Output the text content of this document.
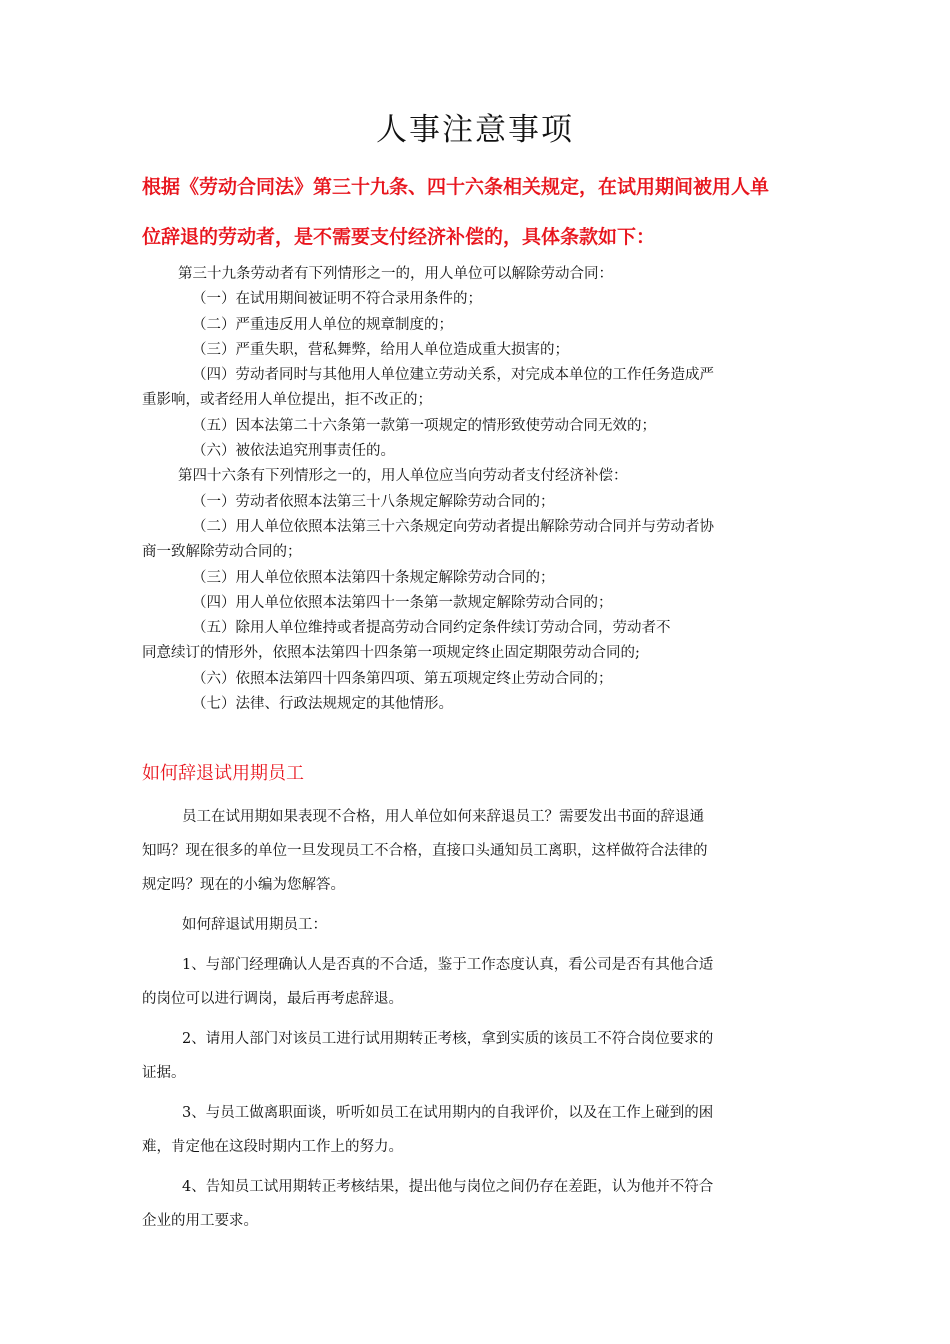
人事注意事项
根据《劳动合同法》第三十九条、四十六条相关规定，在试用期间被用人单
位辞退的劳动者，是不需要支付经济补偿的，具体条款如下：
第三十九条劳动者有下列情形之一的，用人单位可以解除劳动合同：
（一）在试用期间被证明不符合录用条件的；
（二）严重违反用人单位的规章制度的；
（三）严重失职，营私舞弊，给用人单位造成重大损害的；
（四）劳动者同时与其他用人单位建立劳动关系，对完成本单位的工作任务造成严
重影响，或者经用人单位提出，拒不改正的；
（五）因本法第二十六条第一款第一项规定的情形致使劳动合同无效的；
（六）被依法追究刑事责任的。
第四十六条有下列情形之一的，用人单位应当向劳动者支付经济补偿：
（一）劳动者依照本法第三十八条规定解除劳动合同的；
（二）用人单位依照本法第三十六条规定向劳动者提出解除劳动合同并与劳动者协
商一致解除劳动合同的；
（三）用人单位依照本法第四十条规定解除劳动合同的；
（四）用人单位依照本法第四十一条第一款规定解除劳动合同的；
（五）除用人单位维持或者提高劳动合同约定条件续订劳动合同，劳动者不
同意续订的情形外，依照本法第四十四条第一项规定终止固定期限劳动合同的;
（六）依照本法第四十四条第四项、第五项规定终止劳动合同的；
（七）法律、行政法规规定的其他情形。
如何辞退试用期员工
员工在试用期如果表现不合格，用人单位如何来辞退员工？需要发出书面的辞退通
知吗？现在很多的单位一旦发现员工不合格，直接口头通知员工离职，这样做符合法律的
规定吗？现在的小编为您解答。
如何辞退试用期员工：
1、与部门经理确认人是否真的不合适，鉴于工作态度认真，看公司是否有其他合适
的岗位可以进行调岗，最后再考虑辞退。
2、请用人部门对该员工进行试用期转正考核，拿到实质的该员工不符合岗位要求的
证据。
3、与员工做离职面谈，听听如员工在试用期内的自我评价，以及在工作上碰到的困
难，肯定他在这段时期内工作上的努力。
4、告知员工试用期转正考核结果，提出他与岗位之间仍存在差距，认为他并不符合
企业的用工要求。
